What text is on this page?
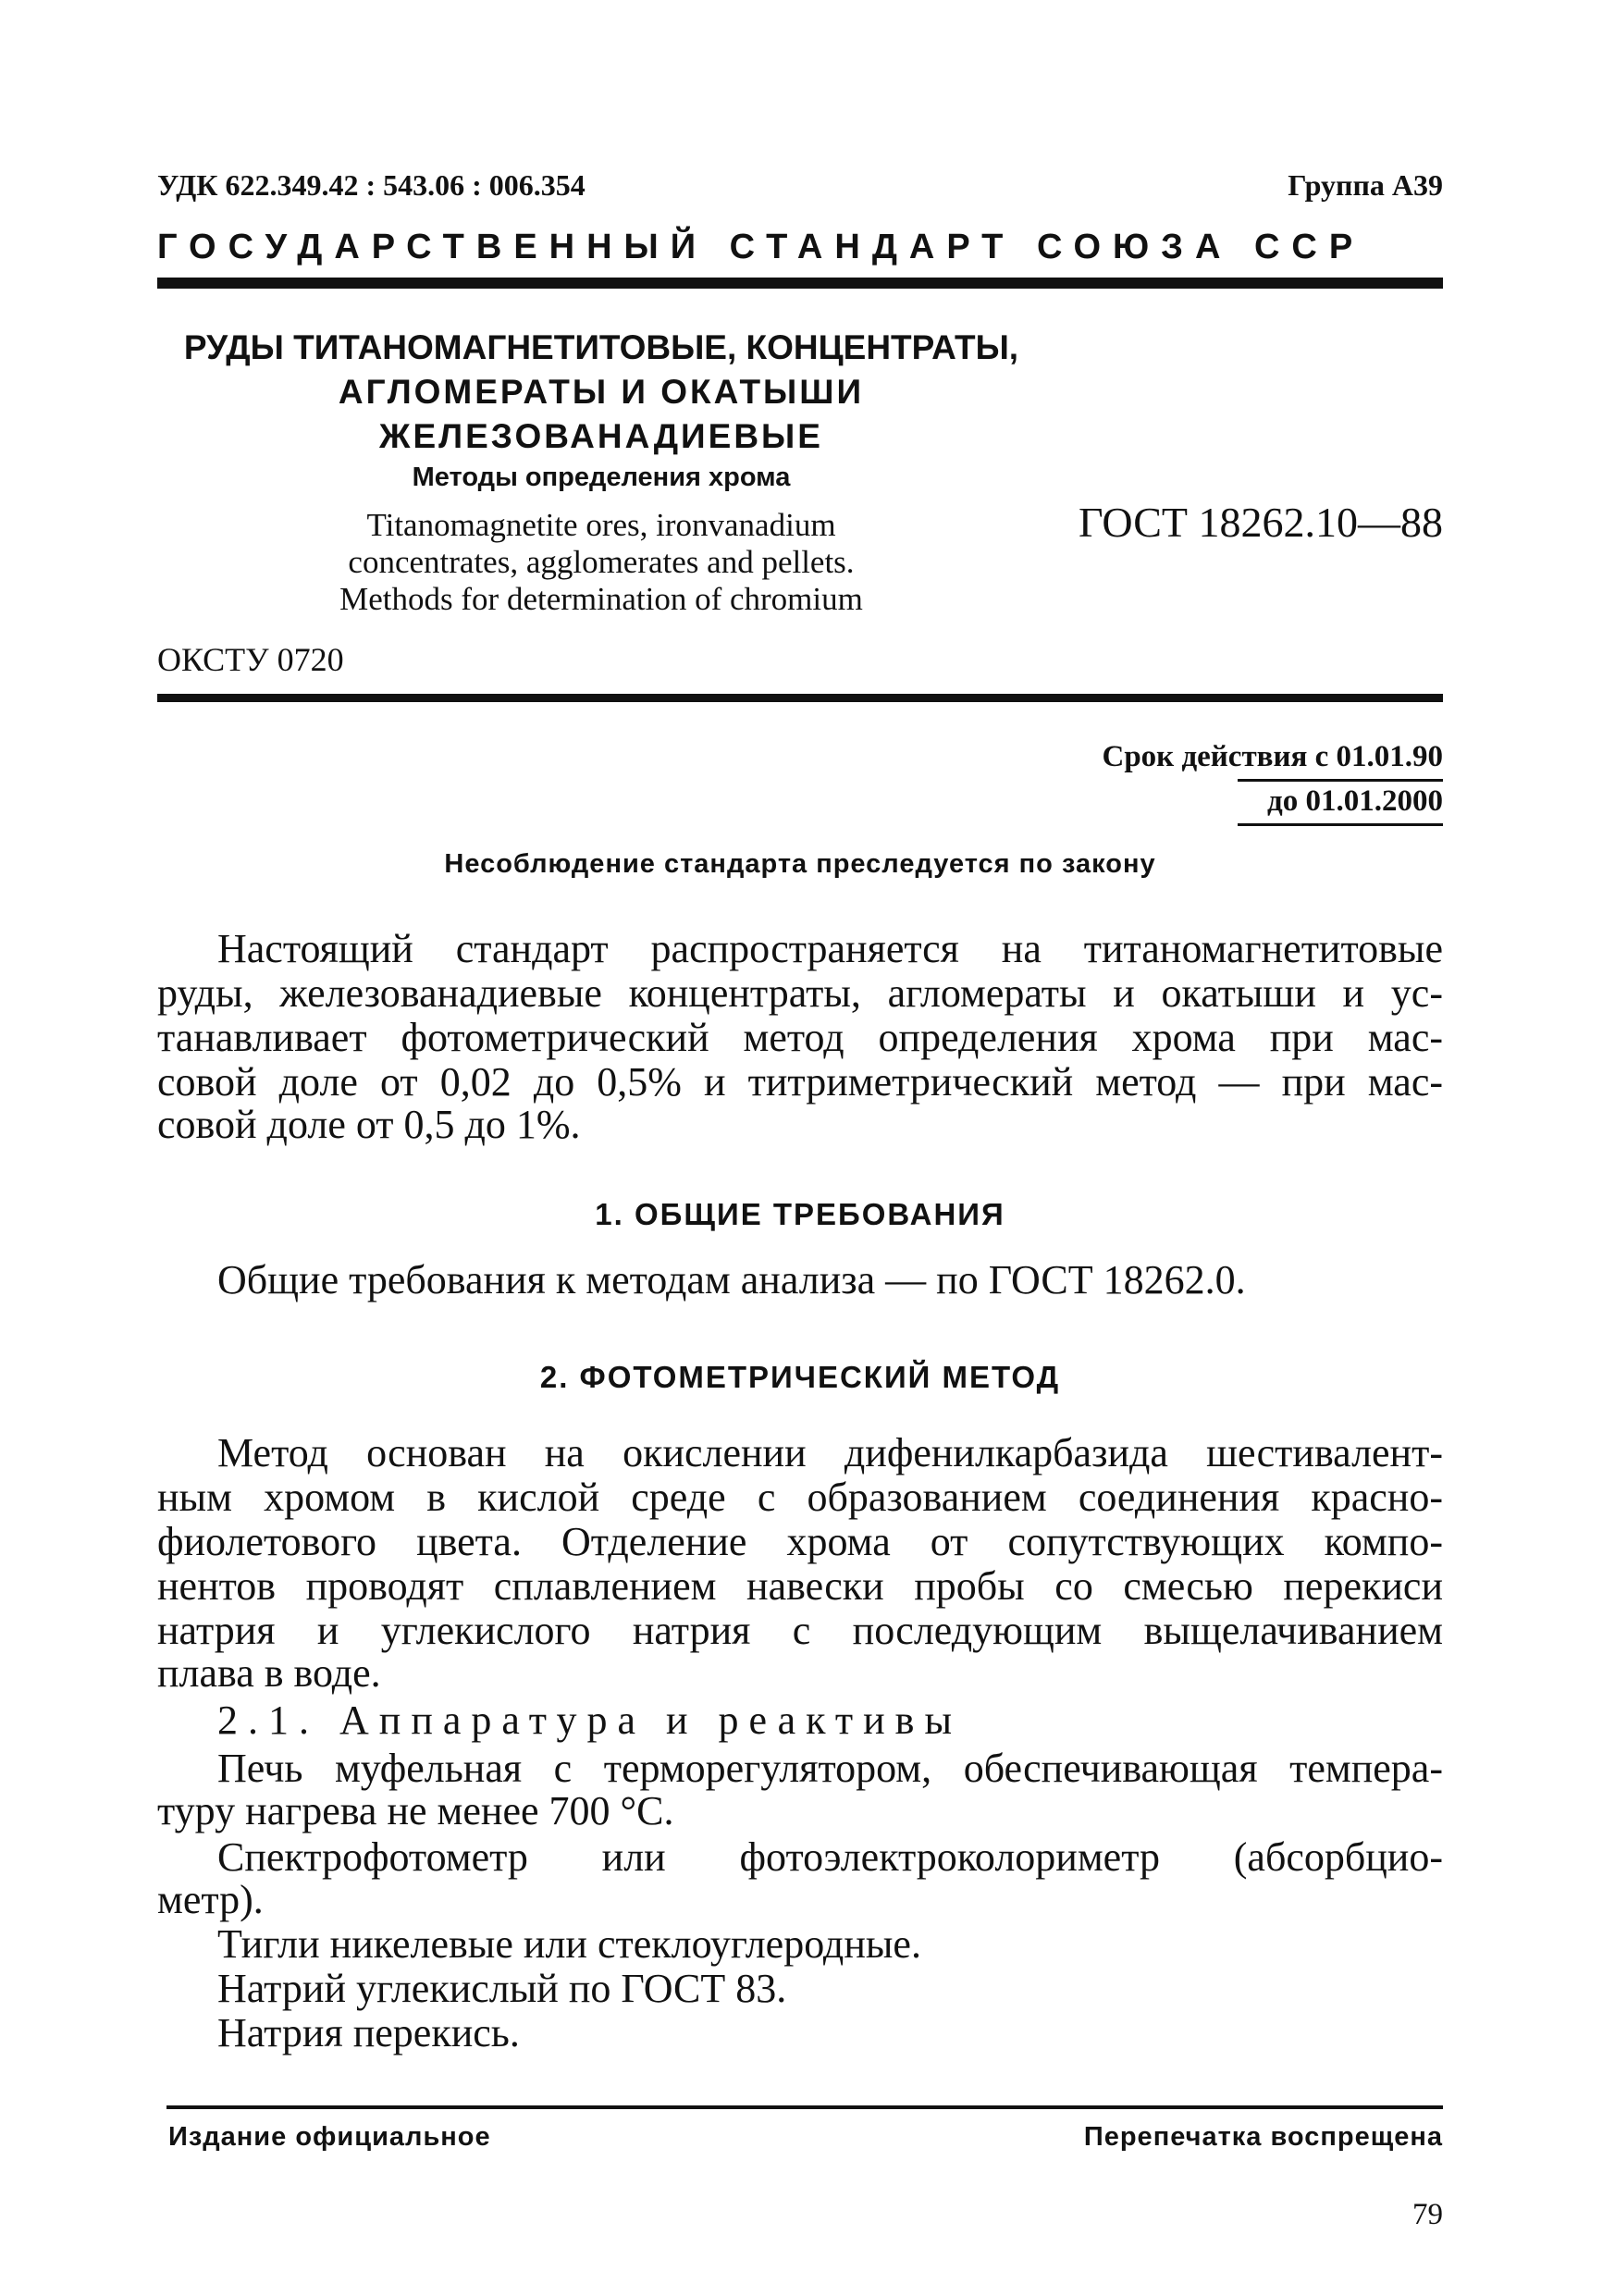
УДК 622.349.42 : 543.06 : 006.354	Группа А39
ГОСУДАРСТВЕННЫЙ СТАНДАРТ СОЮЗА ССР
РУДЫ ТИТАНОМАГНЕТИТОВЫЕ, КОНЦЕНТРАТЫ,
АГЛОМЕРАТЫ И ОКАТЫШИ
ЖЕЛЕЗОВАНАДИЕВЫЕ
Методы определения хрома
Titanomagnetite ores, ironvanadium
concentrates, agglomerates and pellets.
Methods for determination of chromium
ГОСТ 18262.10—88
ОКСТУ 0720
Срок действия с 01.01.90
до 01.01.2000
Несоблюдение стандарта преследуется по закону
Настоящий стандарт распространяется на титаномагнетитовые
руды, железованадиевые концентраты, агломераты и окатыши и ус-
танавливает фотометрический метод определения хрома при мас-
совой доле от 0,02 до 0,5% и титриметрический метод — при мас-
совой доле от 0,5 до 1%.
1. ОБЩИЕ ТРЕБОВАНИЯ
Общие требования к методам анализа — по ГОСТ 18262.0.
2. ФОТОМЕТРИЧЕСКИЙ МЕТОД
Метод основан на окислении дифенилкарбазида шестивалент-
ным хромом в кислой среде с образованием соединения красно-
фиолетового цвета. Отделение хрома от сопутствующих компо-
нентов проводят сплавлением навески пробы со смесью перекиси
натрия и углекислого натрия с последующим выщелачиванием
плава в воде.
2.1. Аппаратура и реактивы
Печь муфельная с терморегулятором, обеспечивающая темпера-
туру нагрева не менее 700 °С.
Спектрофотометр или фотоэлектроколориметр (абсорбцио-
метр).
Тигли никелевые или стеклоуглеродные.
Натрий углекислый по ГОСТ 83.
Натрия перекись.
Издание официальное	Перепечатка воспрещена
79
